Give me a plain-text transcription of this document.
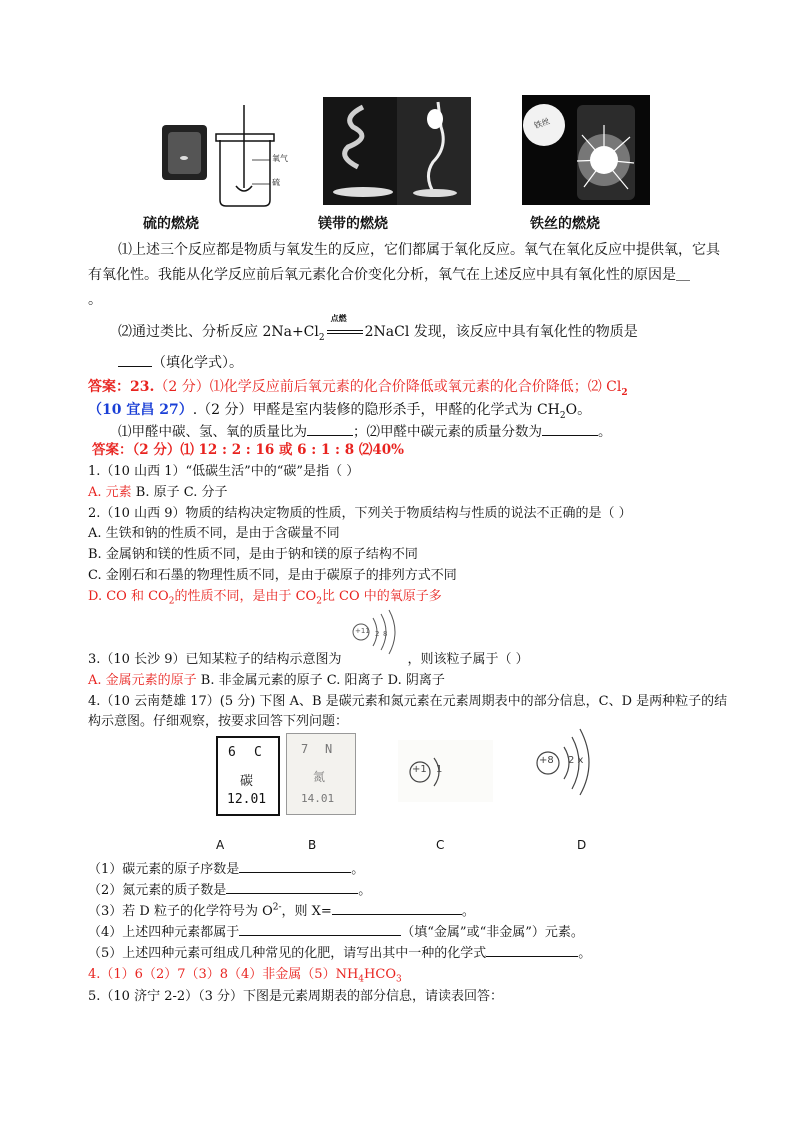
氧气
硫
铁丝
硫的燃烧	镁带的燃烧	铁丝的燃烧
⑴上述三个反应都是物质与氧发生的反应，它们都属于氧化反应。氧气在氧化反应中提供氧，它具
有氧化性。我能从化学反应前后氧元素化合价变化分析，氧气在上述反应中具有氧化性的原因是＿
。
⑵通过类比、分析反应 $2Na+Cl_2$
点燃
2NaCl 发现，该反应中具有氧化性的物质是
（填化学式）。
答案：23.（2 分）⑴化学反应前后氧元素的化合价降低或氧元素的化合价降低；⑵ $Cl_2$
（10 宜昌 27）.（2 分）甲醛是室内装修的隐形杀手，甲醛的化学式为 $CH_2O$。
⑴甲醛中碳、氢、氧的质量比为	；⑵甲醛中碳元素的质量分数为	。
答案：（2 分）⑴ 12 : 2 : 16 或 6 : 1 : 8 ⑵40%
1.（10 山西 1）“低碳生活”中的“碳”是指（ ）
A. 元素 B. 原子 C. 分子
2.（10 山西 9）物质的结构决定物质的性质，下列关于物质结构与性质的说法不正确的是（ ）
A. 生铁和钠的性质不同，是由于含碳量不同
B. 金属钠和镁的性质不同，是由于钠和镁的原子结构不同
C. 金刚石和石墨的物理性质不同，是由于碳原子的排列方式不同
D. CO 和 $CO_2$的性质不同，是由于 $CO_2$比 CO 中的氧原子多
2 8
+11
3.（10 长沙 9）已知某粒子的结构示意图为	，则该粒子属于（ ）
A. 金属元素的原子 B. 非金属元素的原子 C. 阳离子 D. 阴离子
4.（10 云南楚雄 17）(5 分) 下图 A、B 是碳元素和氮元素在元素周期表中的部分信息，C、D 是两种粒子的结
构示意图。仔细观察，按要求回答下列问题：
6 C
碳
12.01
7 N
氮
14.01
+1 1
+8 2 x
A	B	C	D
（1）碳元素的原子序数是	。
（2）氮元素的质子数是	。
（3）若 D 粒子的化学符号为 $O^{2-}$，则 X=	。
（4）上述四种元素都属于	（填“金属”或“非金属”）元素。
（5）上述四种元素可组成几种常见的化肥，请写出其中一种的化学式	。
4.（1）6（2）7（3）8（4）非金属$(5)NH_4HCO_3$
5.（10 济宁 2-2）（3 分）下图是元素周期表的部分信息，请读表回答：
